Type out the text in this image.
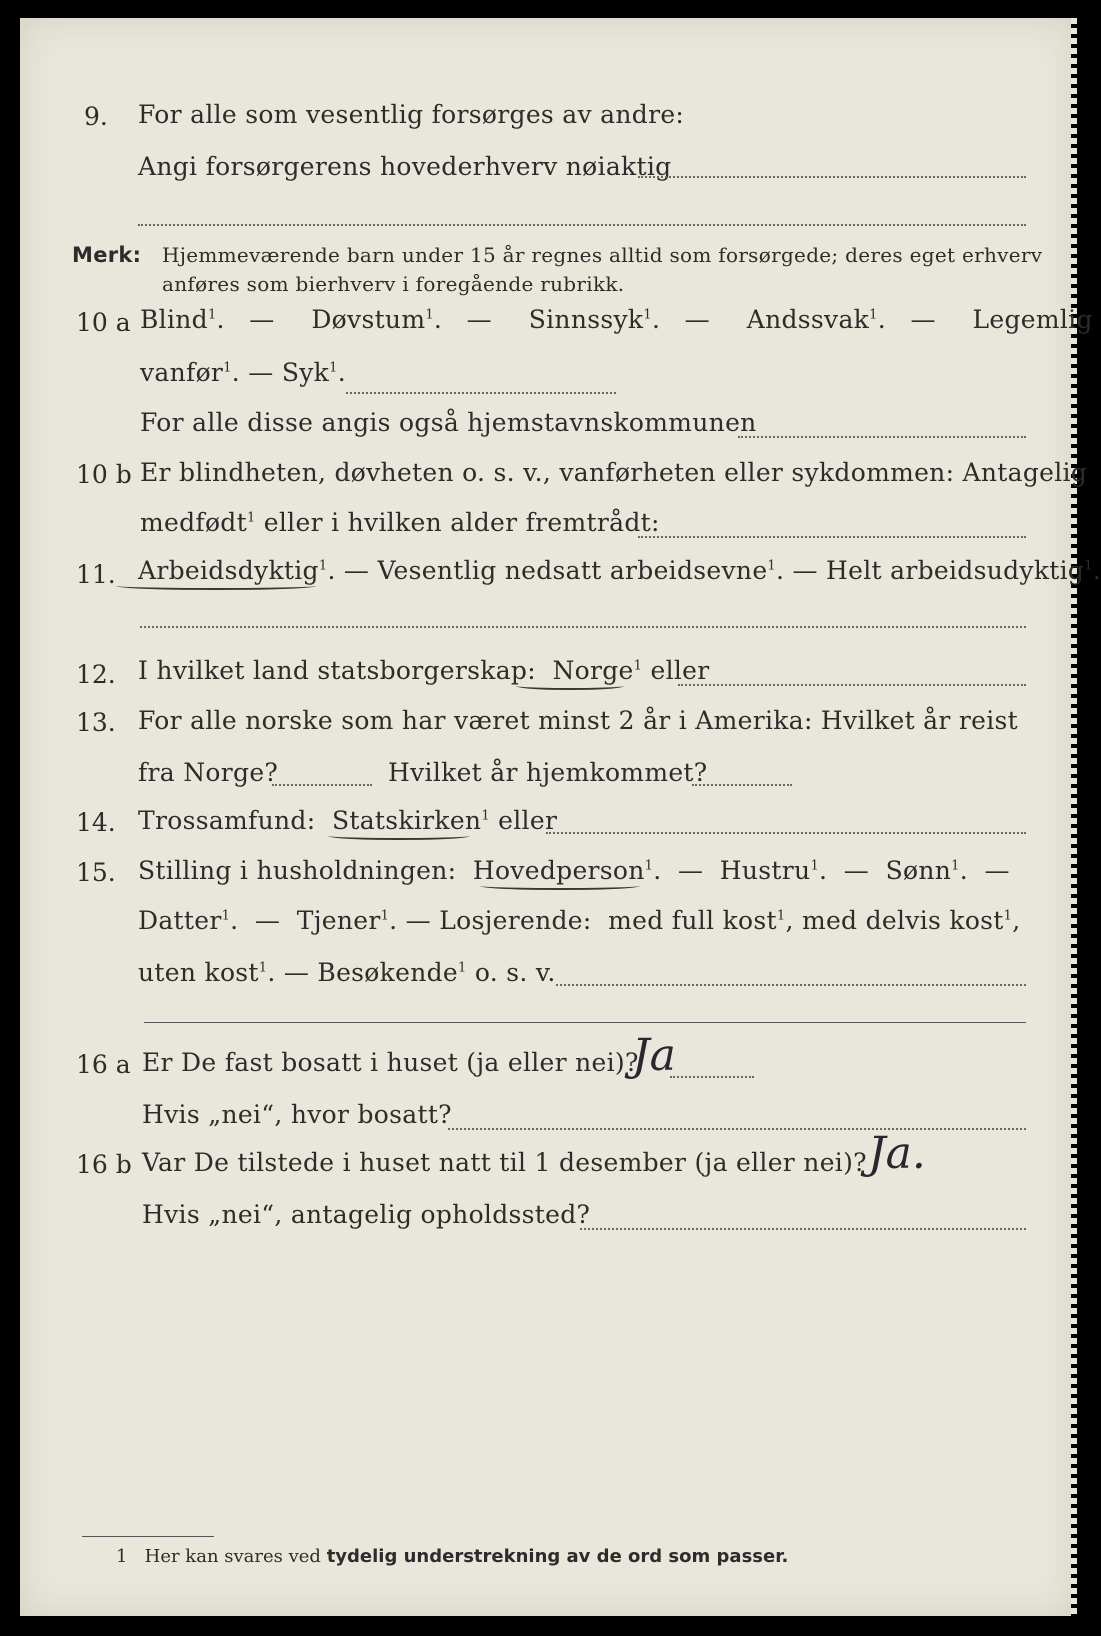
9. For alle som vesentlig forsørges av andre:
Angi forsørgerens hovederhverv nøiaktig
Merk: Hjemmeværende barn under 15 år regnes alltid som forsørgede; deres eget erhverv
anføres som bierhverv i foregående rubrikk.
10 a Blind$^1$.  —   Døvstum$^1$.  —   Sinnssyk$^1$.  —   Andssvak$^1$.  —   Legemlig
vanfør$^1$. — Syk$^1$.
For alle disse angis også hjemstavnskommunen
10 b Er blindheten, døvheten o. s. v., vanførheten eller sykdommen: Antagelig
medfødt$^1$ eller i hvilken alder fremtrådt:
11. Arbeidsdyktig$^1$. — Vesentlig nedsatt arbeidsevne$^1$. — Helt arbeidsudyktig$^1$.
12. I hvilket land statsborgerskap: Norge$^1$ eller
13. For alle norske som har været minst 2 år i Amerika: Hvilket år reist
fra Norge?	Hvilket år hjemkommet?
14. Trossamfund: Statskirken$^1$ eller
15. Stilling i husholdningen: Hovedperson$^1$.  —  Hustru$^1$.  —  Sønn$^1$.  —
Datter$^1$.  —  Tjener$^1$. — Losjerende: med full kost$^1$, med delvis kost$^1$,
uten kost$^1$. — Besøkende$^1$ o. s. v.
16 a Er De fast bosatt i huset (ja eller nei)?
Ja
Hvis „nei“, hvor bosatt?
16 b Var De tilstede i huset natt til 1 desember (ja eller nei)? Ja.
Hvis „nei“, antagelig opholdssted?
1 Her kan svares ved tydelig understrekning av de ord som passer.
